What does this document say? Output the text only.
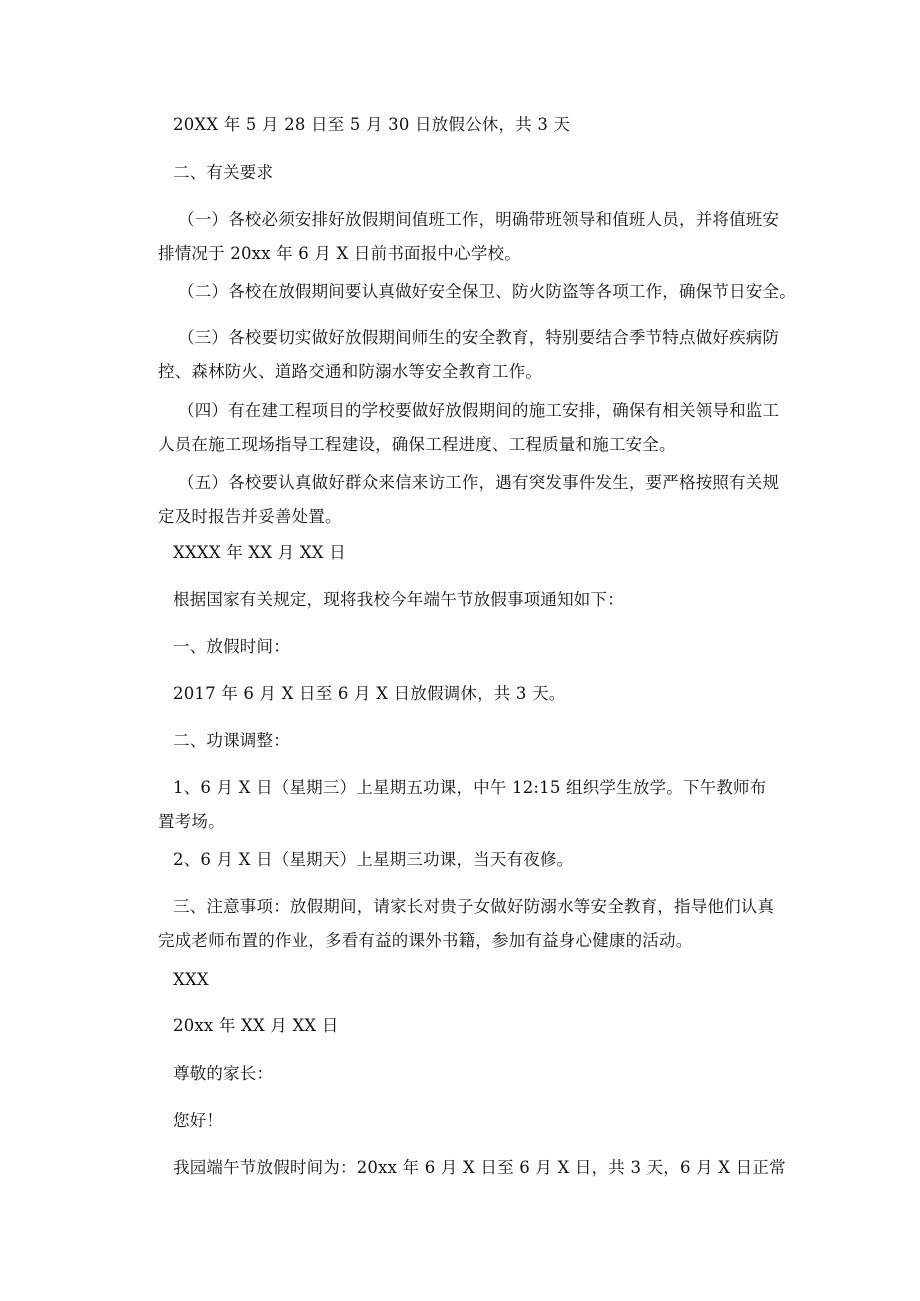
20XX 年 5 月 28 日至 5 月 30 日放假公休，共 3 天
二、有关要求
（一）各校必须安排好放假期间值班工作，明确带班领导和值班人员，并将值班安
排情况于 20xx 年 6 月 X 日前书面报中心学校。
（二）各校在放假期间要认真做好安全保卫、防火防盗等各项工作，确保节日安全。
（三）各校要切实做好放假期间师生的安全教育，特别要结合季节特点做好疾病防
控、森林防火、道路交通和防溺水等安全教育工作。
（四）有在建工程项目的学校要做好放假期间的施工安排，确保有相关领导和监工
人员在施工现场指导工程建设，确保工程进度、工程质量和施工安全。
（五）各校要认真做好群众来信来访工作，遇有突发事件发生，要严格按照有关规
定及时报告并妥善处置。
XXXX 年 XX 月 XX 日
根据国家有关规定，现将我校今年端午节放假事项通知如下：
一、放假时间：
2017 年 6 月 X 日至 6 月 X 日放假调休，共 3 天。
二、功课调整：
1、6 月 X 日（星期三）上星期五功课，中午 12:15 组织学生放学。下午教师布
置考场。
2、6 月 X 日（星期天）上星期三功课，当天有夜修。
三、注意事项：放假期间，请家长对贵子女做好防溺水等安全教育，指导他们认真
完成老师布置的作业，多看有益的课外书籍，参加有益身心健康的活动。
XXX
20xx 年 XX 月 XX 日
尊敬的家长：
您好！
我园端午节放假时间为：20xx 年 6 月 X 日至 6 月 X 日，共 3 天，6 月 X 日正常
